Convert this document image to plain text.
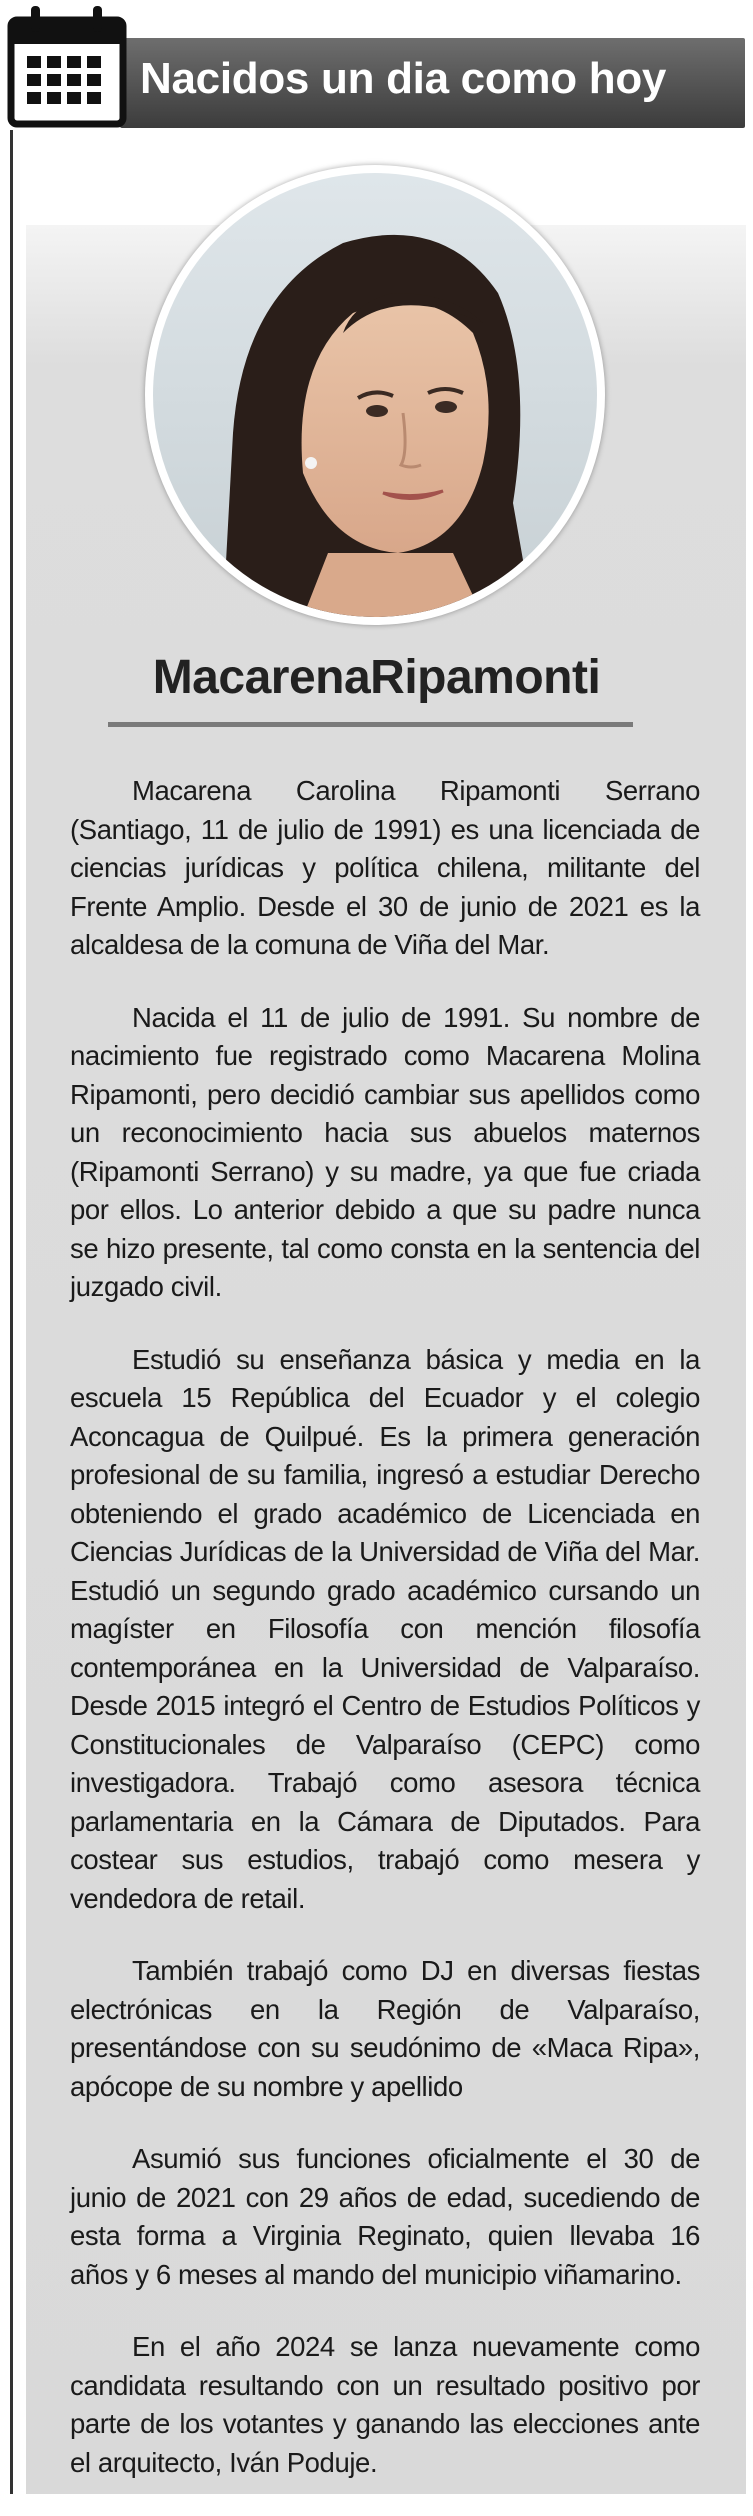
Nacidos un dia como hoy
MacarenaRipamonti

Macarena Carolina Ripamonti Serrano (Santiago, 11 de julio de 1991) es una licenciada de ciencias jurídicas y política chilena, militante del Frente Amplio. Desde el 30 de junio de 2021 es la alcaldesa de la comuna de Viña del Mar.

Nacida el 11 de julio de 1991. Su nombre de nacimiento fue registrado como Macarena Molina Ripamonti, pero decidió cambiar sus apellidos como un reconocimiento hacia sus abuelos maternos (Ripamonti Serrano) y su madre, ya que fue criada por ellos. Lo anterior debido a que su padre nunca se hizo presente, tal como consta en la sentencia del juzgado civil.

Estudió su enseñanza básica y media en la escuela 15 República del Ecuador y el colegio Aconcagua de Quilpué. Es la primera generación profesional de su familia, ingresó a estudiar Derecho obteniendo el grado académico de Licenciada en Ciencias Jurídicas de la Universidad de Viña del Mar. Estudió un segundo grado académico cursando un magíster en Filosofía con mención filosofía contemporánea en la Universidad de Valparaíso. Desde 2015 integró el Centro de Estudios Políticos y Constitucionales de Valparaíso (CEPC) como investigadora. Trabajó como asesora técnica parlamentaria en la Cámara de Diputados. Para costear sus estudios, trabajó como mesera y vendedora de retail.

También trabajó como DJ en diversas fiestas electrónicas en la Región de Valparaíso, presentándose con su seudónimo de «Maca Ripa», apócope de su nombre y apellido

Asumió sus funciones oficialmente el 30 de junio de 2021 con 29 años de edad, sucediendo de esta forma a Virginia Reginato, quien llevaba 16 años y 6 meses al mando del municipio viñamarino.

En el año 2024 se lanza nuevamente como candidata resultando con un resultado positivo por parte de los votantes y ganando las elecciones ante el arquitecto, Iván Poduje.
